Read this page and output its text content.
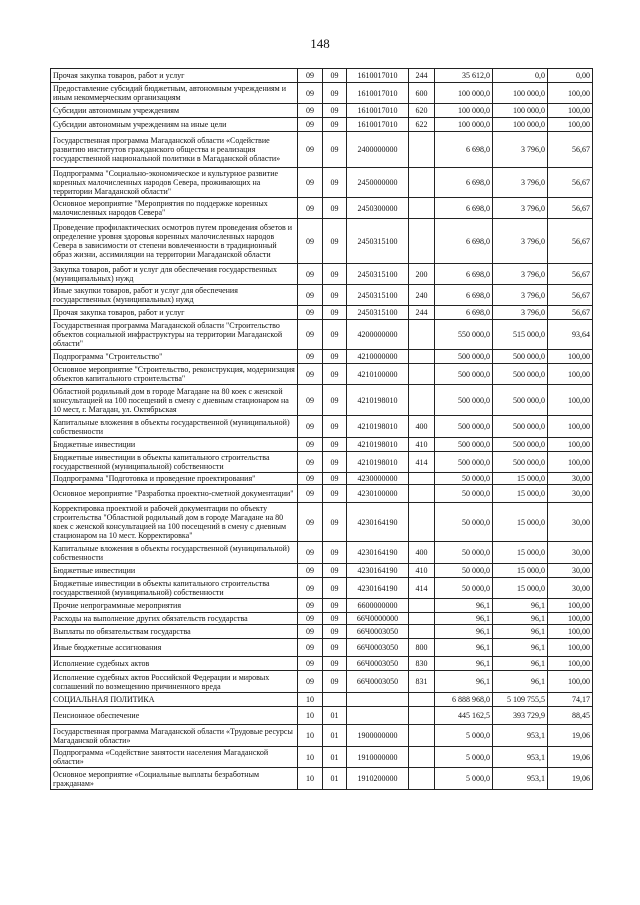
148
Прочая закупка товаров, работ и услуг	09	09	1610017010	244	35 612,0	0,0	0,00
Предоставление субсидий бюджетным, автономным учреждениям и иным некоммерческим организациям	09	09	1610017010	600	100 000,0	100 000,0	100,00
Субсидии автономным учреждениям	09	09	1610017010	620	100 000,0	100 000,0	100,00
Субсидии автономным учреждениям на иные цели	09	09	1610017010	622	100 000,0	100 000,0	100,00
Государственная программа Магаданской области «Содействие развитию институтов гражданского общества и реализация государственной национальной политики в Магаданской области»	09	09	2400000000		6 698,0	3 796,0	56,67
Подпрограмма "Социально-экономическое и культурное развитие коренных малочисленных народов Севера, проживающих на территории Магаданской области"	09	09	2450000000		6 698,0	3 796,0	56,67
Основное мероприятие "Мероприятия по поддержке коренных малочисленных народов Севера"	09	09	2450300000		6 698,0	3 796,0	56,67
Проведение профилактических осмотров путем проведения обзетов и определение уровня здоровья коренных малочисленных народов Севера в зависимости от степени вовлеченности в традиционный образ жизни, ассимиляции на территории Магаданской области	09	09	2450315100		6 698,0	3 796,0	56,67
Закупка товаров, работ и услуг для обеспечения государственных (муниципальных) нужд	09	09	2450315100	200	6 698,0	3 796,0	56,67
Иные закупки товаров, работ и услуг для обеспечения государственных (муниципальных) нужд	09	09	2450315100	240	6 698,0	3 796,0	56,67
Прочая закупка товаров, работ и услуг	09	09	2450315100	244	6 698,0	3 796,0	56,67
Государственная программа Магаданской области "Строительство объектов социальной инфраструктуры на территории Магаданской области"	09	09	4200000000		550 000,0	515 000,0	93,64
Подпрограмма "Строительство"	09	09	4210000000		500 000,0	500 000,0	100,00
Основное мероприятие "Строительство, реконструкция, модернизация объектов капитального строительства"	09	09	4210100000		500 000,0	500 000,0	100,00
Областной родильный дом в городе Магадане на 80 коек с женской консультацией на 100 посещений в смену с дневным стационаром на 10 мест, г. Магадан, ул. Октябрьская	09	09	4210198010		500 000,0	500 000,0	100,00
Капитальные вложения в объекты государственной (муниципальной) собственности	09	09	4210198010	400	500 000,0	500 000,0	100,00
Бюджетные инвестиции	09	09	4210198010	410	500 000,0	500 000,0	100,00
Бюджетные инвестиции в объекты капитального строительства государственной (муниципальной) собственности	09	09	4210198010	414	500 000,0	500 000,0	100,00
Подпрограмма "Подготовка и проведение проектирования"	09	09	4230000000		50 000,0	15 000,0	30,00
Основное мероприятие "Разработка проектно-сметной документации"	09	09	4230100000		50 000,0	15 000,0	30,00
Корректировка проектной и рабочей документации по объекту строительства "Областной родильный дом в городе Магадане на 80 коек с женской консультацией на 100 посещений в смену с дневным стационаром на 10 мест. Корректировка"	09	09	4230164190		50 000,0	15 000,0	30,00
Капитальные вложения в объекты государственной (муниципальной) собственности	09	09	4230164190	400	50 000,0	15 000,0	30,00
Бюджетные инвестиции	09	09	4230164190	410	50 000,0	15 000,0	30,00
Бюджетные инвестиции в объекты капитального строительства государственной (муниципальной) собственности	09	09	4230164190	414	50 000,0	15 000,0	30,00
Прочие непрограммные мероприятия	09	09	6600000000		96,1	96,1	100,00
Расходы на выполнение других обязательств государства	09	09	66Ч0000000		96,1	96,1	100,00
Выплаты по обязательствам государства	09	09	66Ч0003050		96,1	96,1	100,00
Иные бюджетные ассигнования	09	09	66Ч0003050	800	96,1	96,1	100,00
Исполнение судебных актов	09	09	66Ч0003050	830	96,1	96,1	100,00
Исполнение судебных актов Российской Федерации и мировых соглашений по возмещению причиненного вреда	09	09	66Ч0003050	831	96,1	96,1	100,00
СОЦИАЛЬНАЯ ПОЛИТИКА	10				6 888 968,0	5 109 755,5	74,17
Пенсионное обеспечение	10	01			445 162,5	393 729,9	88,45
Государственная программа Магаданской области «Трудовые ресурсы Магаданской области»	10	01	1900000000		5 000,0	953,1	19,06
Подпрограмма «Содействие занятости населения Магаданской области»	10	01	1910000000		5 000,0	953,1	19,06
Основное мероприятие «Социальные выплаты безработным гражданам»	10	01	1910200000		5 000,0	953,1	19,06
